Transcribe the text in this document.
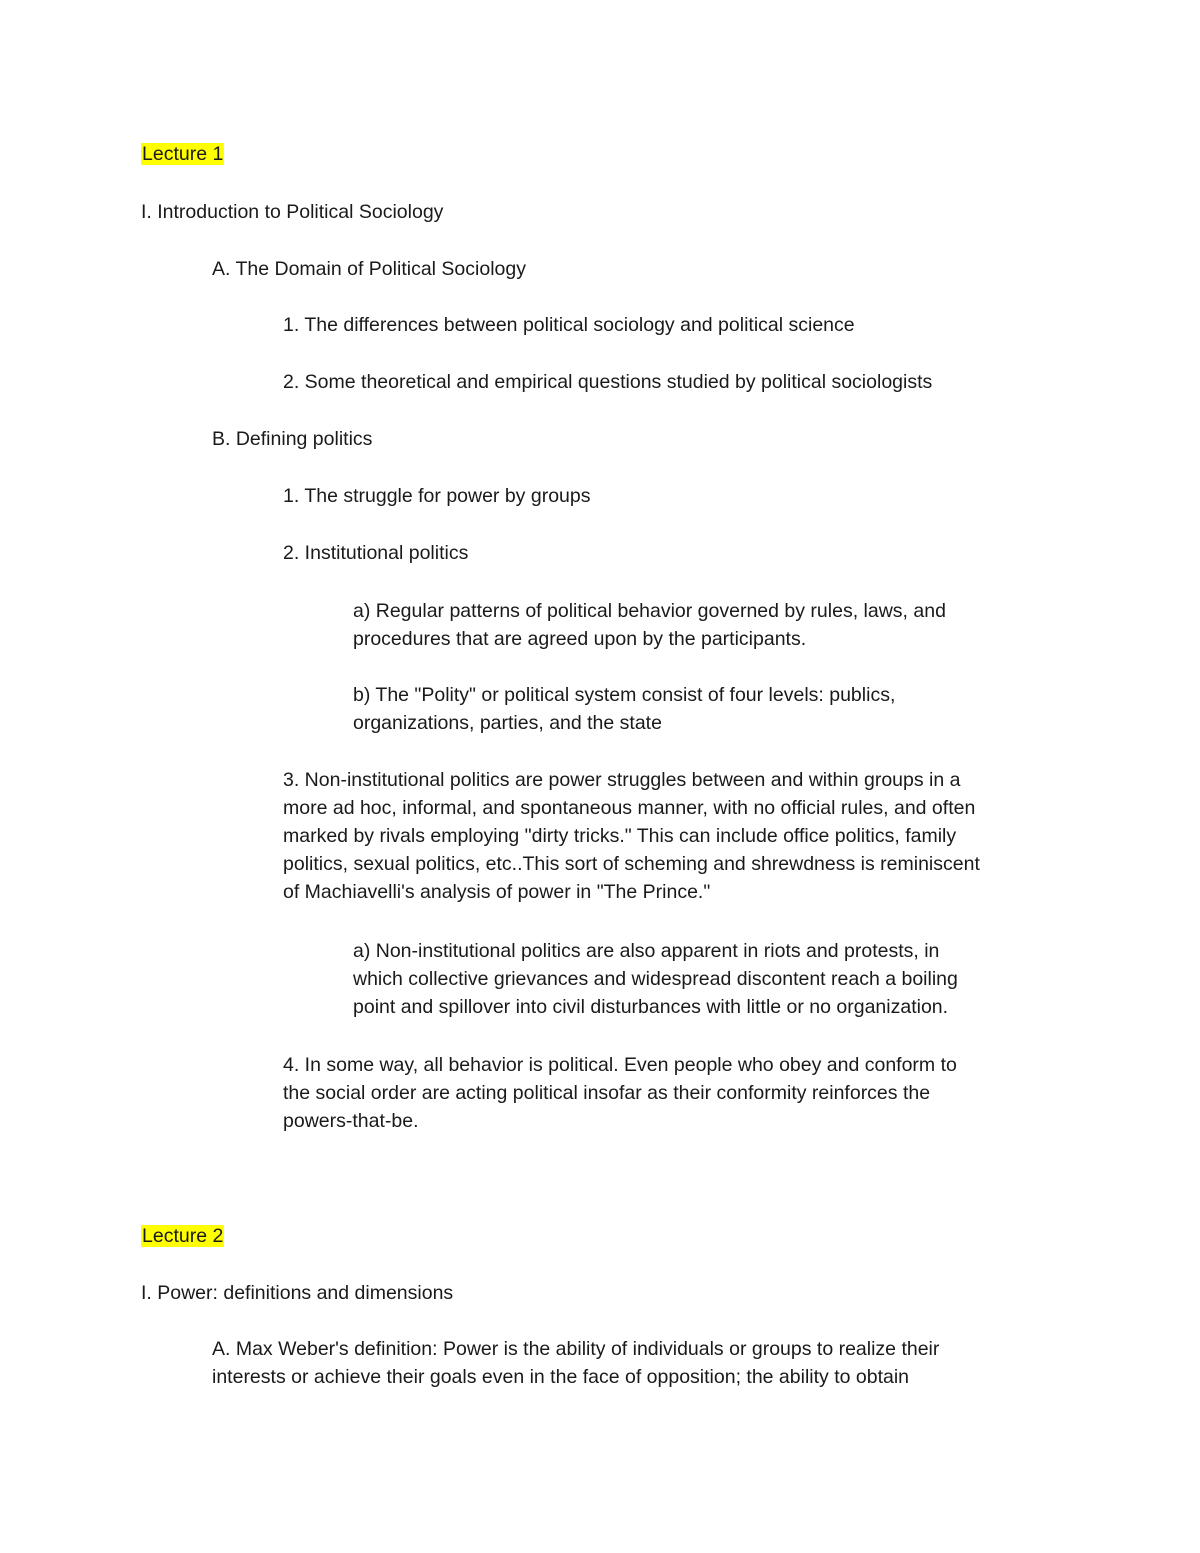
Lecture 1
I. Introduction to Political Sociology
A. The Domain of Political Sociology
1. The differences between political sociology and political science
2. Some theoretical and empirical questions studied by political sociologists
B. Defining politics
1. The struggle for power by groups
2. Institutional politics
a) Regular patterns of political behavior governed by rules, laws, and
procedures that are agreed upon by the participants.
b) The "Polity" or political system consist of four levels: publics,
organizations, parties, and the state
3. Non-institutional politics are power struggles between and within groups in a
more ad hoc, informal, and spontaneous manner, with no official rules, and often
marked by rivals employing "dirty tricks." This can include office politics, family
politics, sexual politics, etc..This sort of scheming and shrewdness is reminiscent
of Machiavelli's analysis of power in "The Prince."
a) Non-institutional politics are also apparent in riots and protests, in
which collective grievances and widespread discontent reach a boiling
point and spillover into civil disturbances with little or no organization.
4. In some way, all behavior is political. Even people who obey and conform to
the social order are acting political insofar as their conformity reinforces the
powers-that-be.
Lecture 2
I. Power: definitions and dimensions
A. Max Weber's definition: Power is the ability of individuals or groups to realize their
interests or achieve their goals even in the face of opposition; the ability to obtain
